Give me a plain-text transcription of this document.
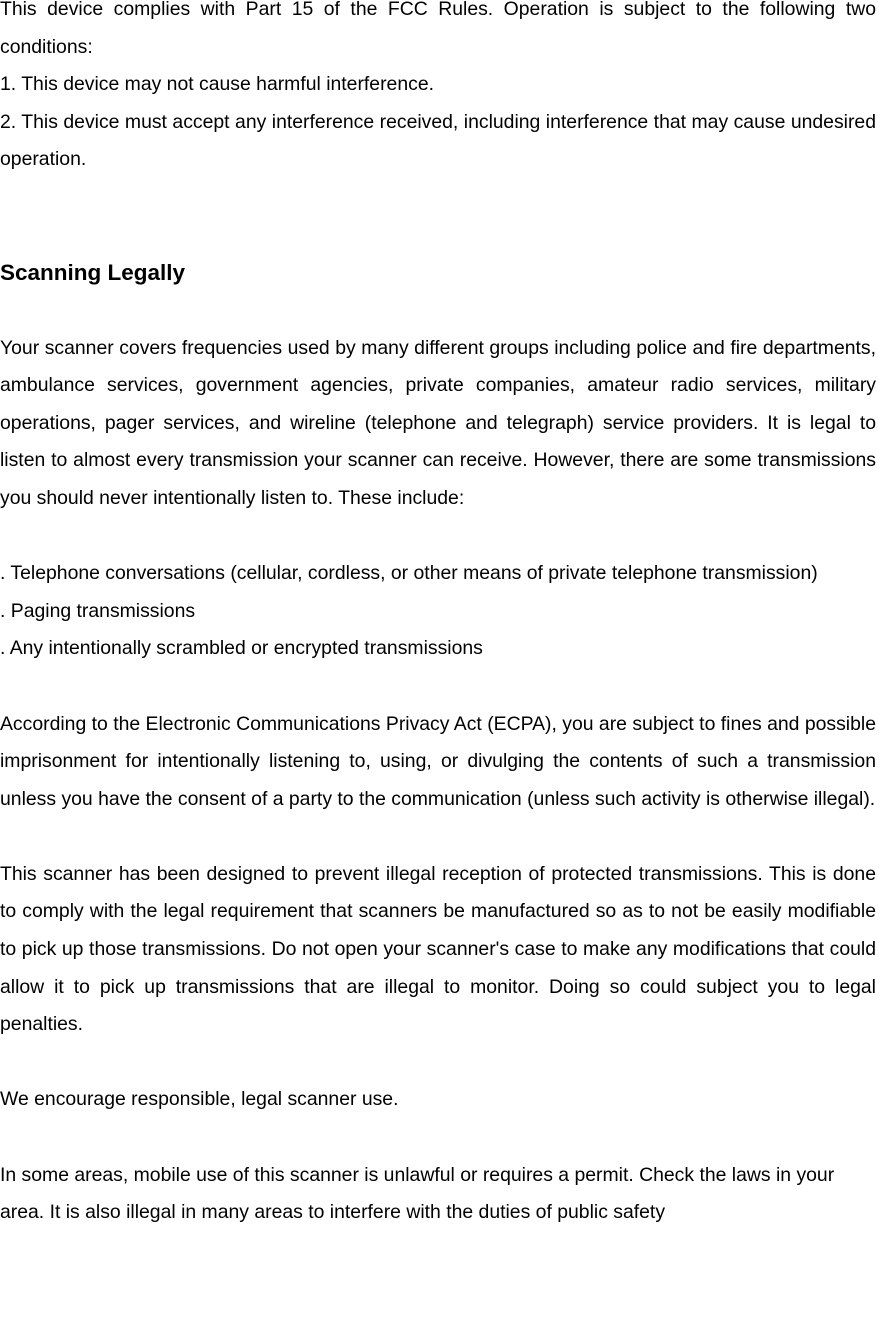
This device complies with Part 15 of the FCC Rules. Operation is subject to the following two conditions:

1. This device may not cause harmful interference.

2. This device must accept any interference received, including interference that may cause undesired operation.

Scanning Legally

Your scanner covers frequencies used by many different groups including police and fire departments, ambulance services, government agencies, private companies, amateur radio services, military operations, pager services, and wireline (telephone and telegraph) service providers. It is legal to listen to almost every transmission your scanner can receive. However, there are some transmissions you should never intentionally listen to. These include:

. Telephone conversations (cellular, cordless, or other means of private telephone transmission)

. Paging transmissions

. Any intentionally scrambled or encrypted transmissions

According to the Electronic Communications Privacy Act (ECPA), you are subject to fines and possible imprisonment for intentionally listening to, using, or divulging the contents of such a transmission unless you have the consent of a party to the communication (unless such activity is otherwise illegal).

This scanner has been designed to prevent illegal reception of protected transmissions. This is done to comply with the legal requirement that scanners be manufactured so as to not be easily modifiable to pick up those transmissions. Do not open your scanner's case to make any modifications that could allow it to pick up transmissions that are illegal to monitor. Doing so could subject you to legal penalties.

We encourage responsible, legal scanner use.

In some areas, mobile use of this scanner is unlawful or requires a permit. Check the laws in your area. It is also illegal in many areas to interfere with the duties of public safety
